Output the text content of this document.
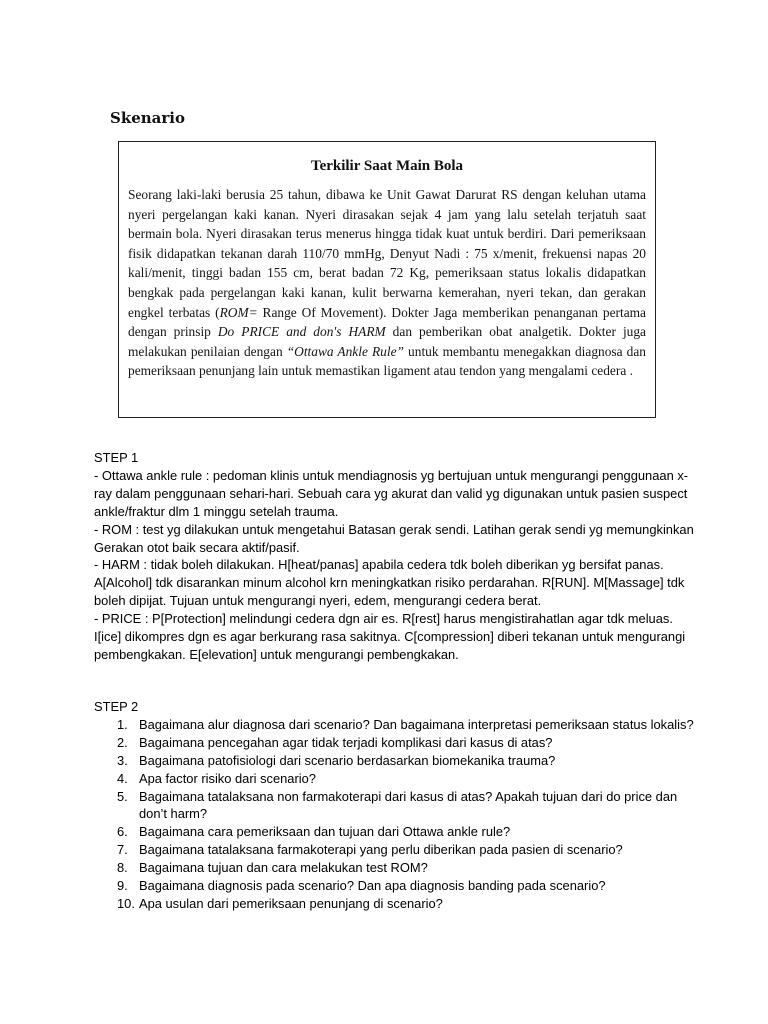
Skenario
Terkilir Saat Main Bola
Seorang laki-laki berusia 25 tahun, dibawa ke Unit Gawat Darurat RS dengan keluhan utama nyeri pergelangan kaki kanan. Nyeri dirasakan sejak 4 jam yang lalu setelah terjatuh saat bermain bola. Nyeri dirasakan terus menerus hingga tidak kuat untuk berdiri. Dari pemeriksaan fisik didapatkan tekanan darah 110/70 mmHg, Denyut Nadi : 75 x/menit, frekuensi napas 20 kali/menit, tinggi badan 155 cm, berat badan 72 Kg, pemeriksaan status lokalis didapatkan bengkak pada pergelangan kaki kanan, kulit berwarna kemerahan, nyeri tekan, dan gerakan engkel terbatas (ROM= Range Of Movement). Dokter Jaga memberikan penanganan pertama dengan prinsip Do PRICE and don's HARM dan pemberikan obat analgetik. Dokter juga melakukan penilaian dengan “Ottawa Ankle Rule” untuk membantu menegakkan diagnosa dan pemeriksaan penunjang lain untuk memastikan ligament atau tendon yang mengalami cedera .
STEP 1

- Ottawa ankle rule : pedoman klinis untuk mendiagnosis yg bertujuan untuk mengurangi penggunaan x-ray dalam penggunaan sehari-hari. Sebuah cara yg akurat dan valid yg digunakan untuk pasien suspect ankle/fraktur dlm 1 minggu setelah trauma.

- ROM : test yg dilakukan untuk mengetahui Batasan gerak sendi. Latihan gerak sendi yg memungkinkan Gerakan otot baik secara aktif/pasif.

- HARM : tidak boleh dilakukan. H[heat/panas] apabila cedera tdk boleh diberikan yg bersifat panas. A[Alcohol] tdk disarankan minum alcohol krn meningkatkan risiko perdarahan. R[RUN]. M[Massage] tdk boleh dipijat. Tujuan untuk mengurangi nyeri, edem, mengurangi cedera berat.

- PRICE : P[Protection] melindungi cedera dgn air es. R[rest] harus mengistirahatlan agar tdk meluas. I[ice] dikompres dgn es agar berkurang rasa sakitnya. C[compression] diberi tekanan untuk mengurangi pembengkakan. E[elevation] untuk mengurangi pembengkakan.

STEP 2
1. Bagaimana alur diagnosa dari scenario? Dan bagaimana interpretasi pemeriksaan status lokalis?
2. Bagaimana pencegahan agar tidak terjadi komplikasi dari kasus di atas?
3. Bagaimana patofisiologi dari scenario berdasarkan biomekanika trauma?
4. Apa factor risiko dari scenario?
5. Bagaimana tatalaksana non farmakoterapi dari kasus di atas? Apakah tujuan dari do price dan don’t harm?
6. Bagaimana cara pemeriksaan dan tujuan dari Ottawa ankle rule?
7. Bagaimana tatalaksana farmakoterapi yang perlu diberikan pada pasien di scenario?
8. Bagaimana tujuan dan cara melakukan test ROM?
9. Bagaimana diagnosis pada scenario? Dan apa diagnosis banding pada scenario?
10. Apa usulan dari pemeriksaan penunjang di scenario?
